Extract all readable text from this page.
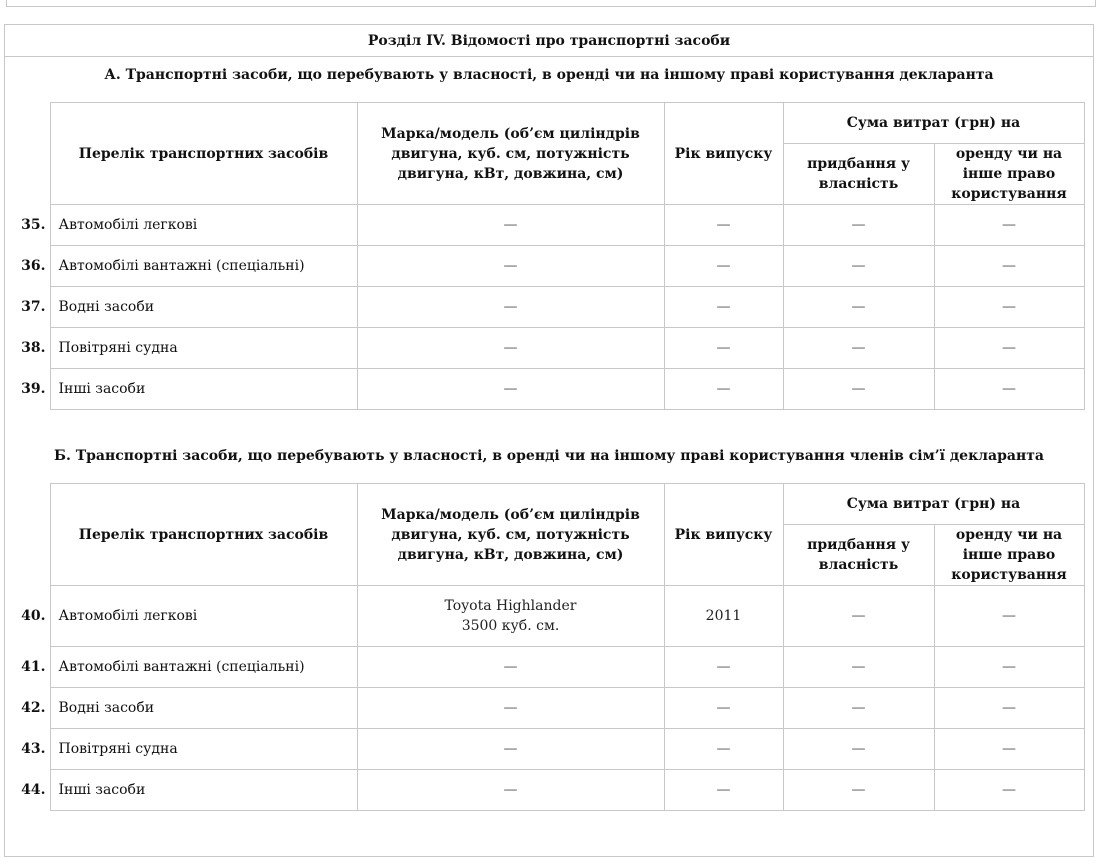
Розділ IV. Відомості про транспортні засоби
А. Транспортні засоби, що перебувають у власності, в оренді чи на іншому праві користування декларанта
	Перелік транспортних засобів	Марка/модель (об’єм циліндрів двигуна, куб. см, потужність двигуна, кВт, довжина, см)	Рік випуску	Сума витрат (грн) на	
				придбання у власність	оренду чи на інше право користування
35.	Автомобілі легкові	—	—	—	—
36.	Автомобілі вантажні (спеціальні)	—	—	—	—
37.	Водні засоби	—	—	—	—
38.	Повітряні судна	—	—	—	—
39.	Інші засоби	—	—	—	—
Б. Транспортні засоби, що перебувають у власності, в оренді чи на іншому праві користування членів сім’ї декларанта
	Перелік транспортних засобів	Марка/модель (об’єм циліндрів двигуна, куб. см, потужність двигуна, кВт, довжина, см)	Рік випуску	Сума витрат (грн) на	
				придбання у власність	оренду чи на інше право користування
40.	Автомобілі легкові	Toyota Highlander
3500 куб. см.	2011	—	—
41.	Автомобілі вантажні (спеціальні)	—	—	—	—
42.	Водні засоби	—	—	—	—
43.	Повітряні судна	—	—	—	—
44.	Інші засоби	—	—	—	—
